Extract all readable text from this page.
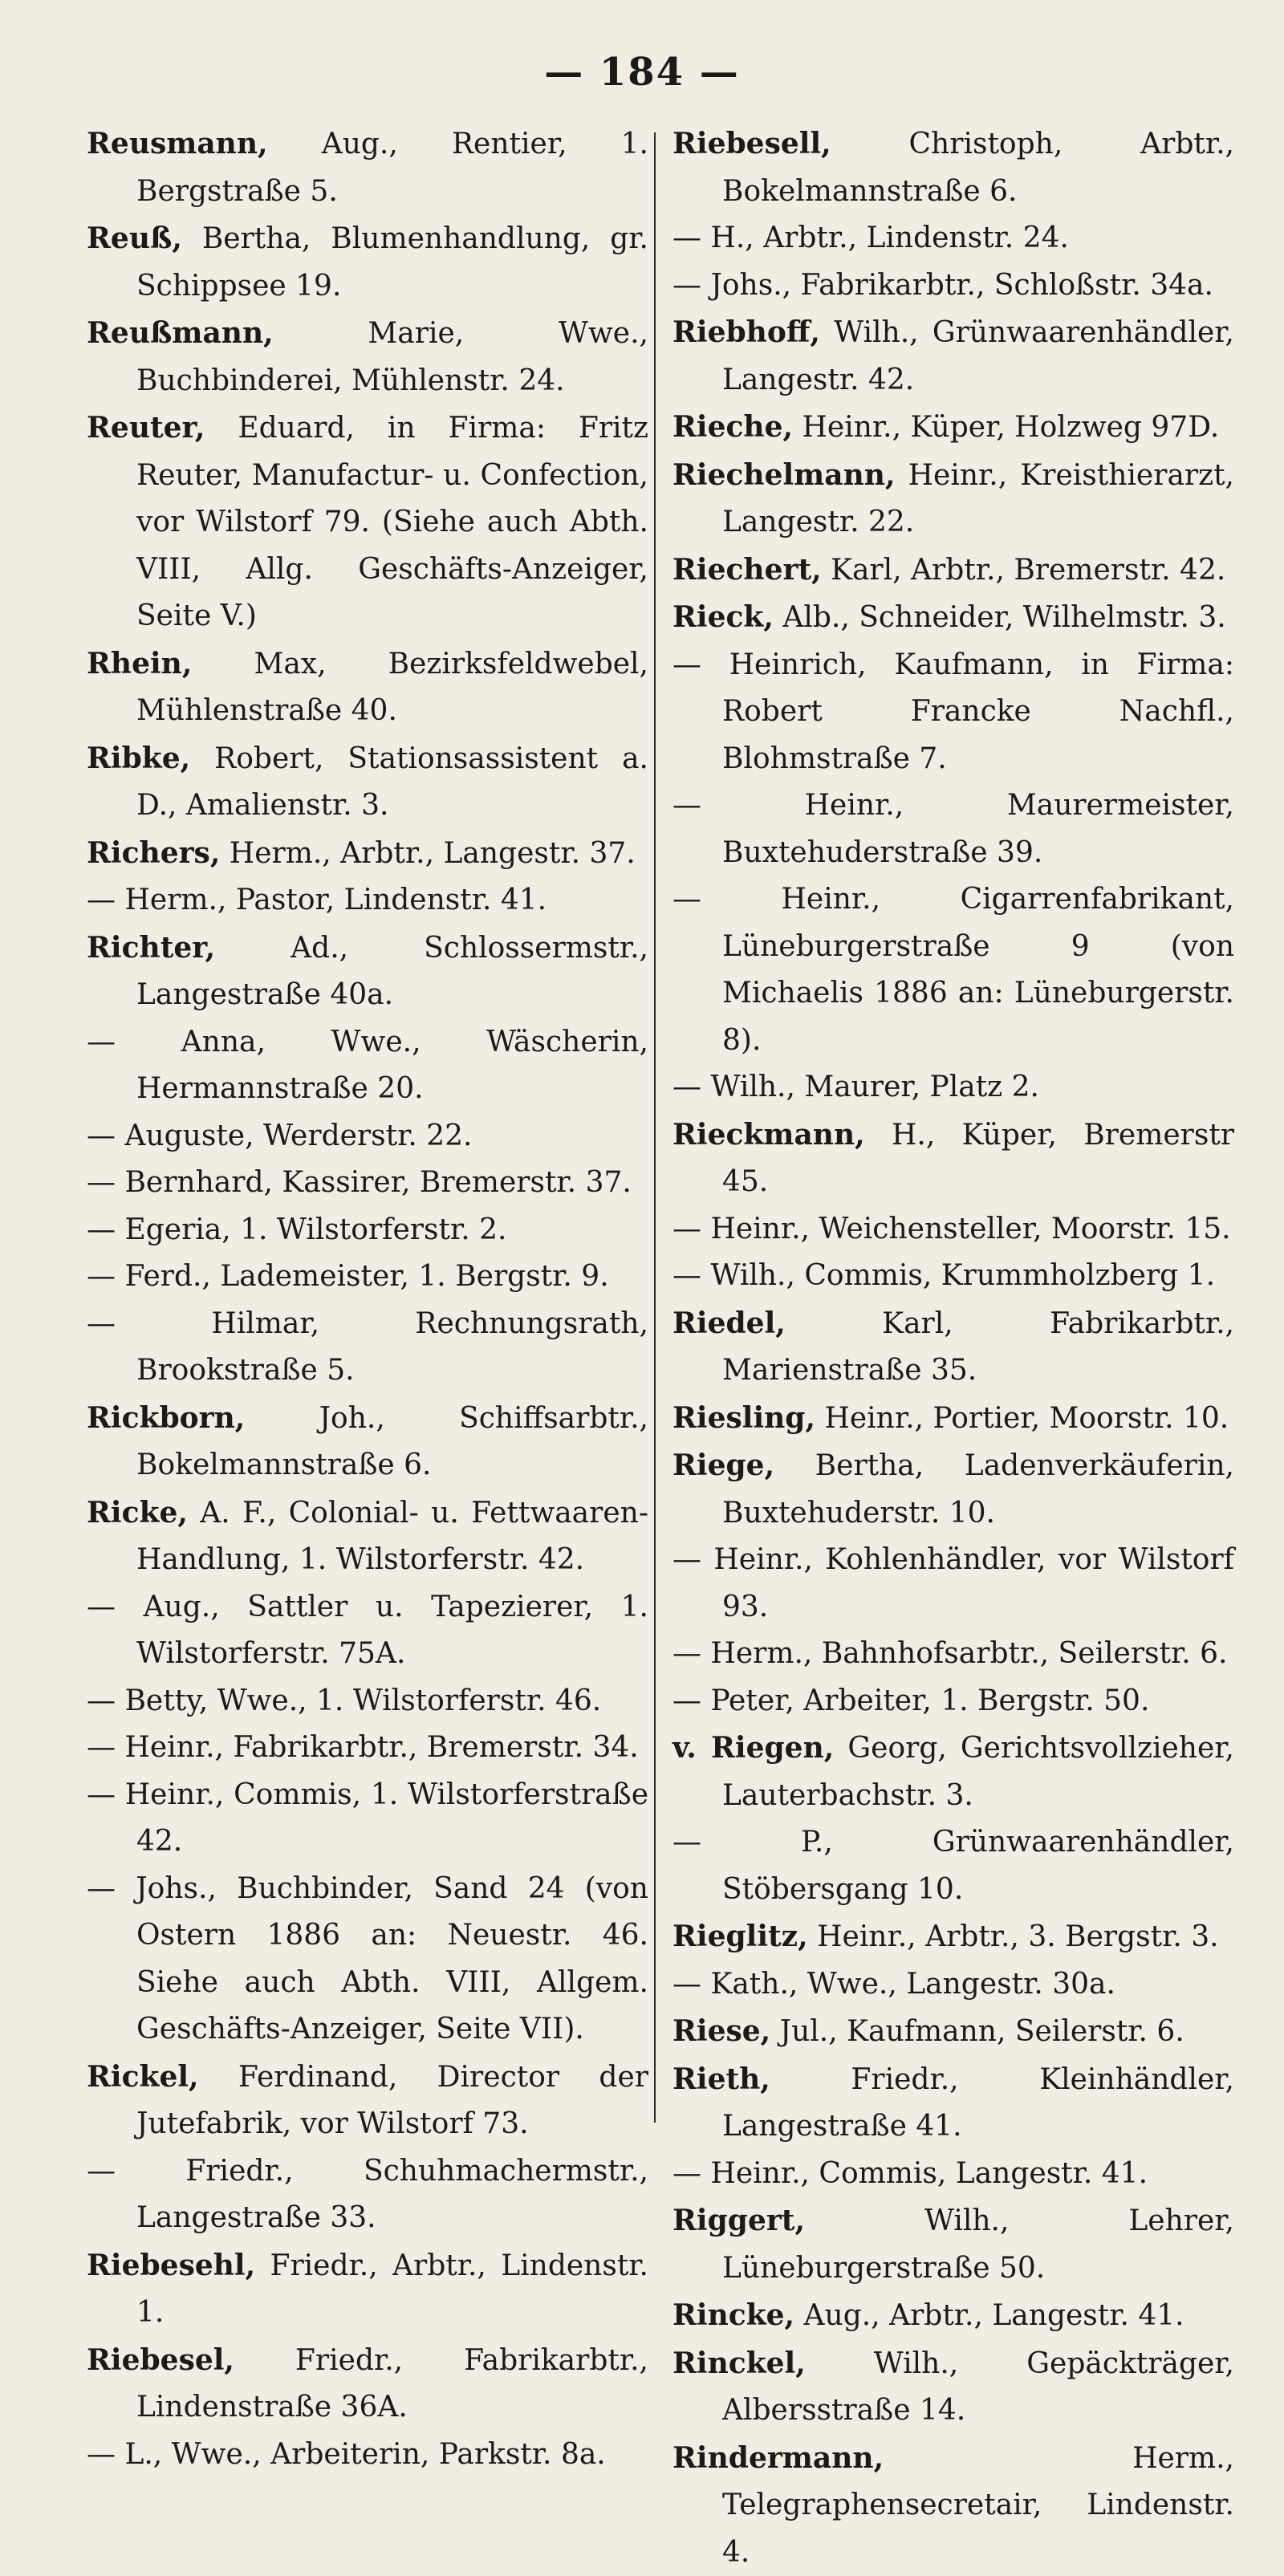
— 184 —
Reusmann, Aug., Rentier, 1. Bergstraße 5.
Reuß, Bertha, Blumenhandlung, gr. Schippsee 19.
Reußmann, Marie, Wwe., Buchbinderei, Mühlenstr. 24.
Reuter, Eduard, in Firma: Fritz Reuter, Manufactur- u. Confection, vor Wilstorf 79. (Siehe auch Abth. VIII, Allg. Geschäfts-Anzeiger, Seite V.)
Rhein, Max, Bezirksfeldwebel, Mühlenstraße 40.
Ribke, Robert, Stationsassistent a. D., Amalienstr. 3.
Richers, Herm., Arbtr., Langestr. 37.
— Herm., Pastor, Lindenstr. 41.
Richter, Ad., Schlossermstr., Langestraße 40a.
— Anna, Wwe., Wäscherin, Hermannstraße 20.
— Auguste, Werderstr. 22.
— Bernhard, Kassirer, Bremerstr. 37.
— Egeria, 1. Wilstorferstr. 2.
— Ferd., Lademeister, 1. Bergstr. 9.
— Hilmar, Rechnungsrath, Brookstraße 5.
Rickborn, Joh., Schiffsarbtr., Bokelmannstraße 6.
Ricke, A. F., Colonial- u. Fettwaaren-Handlung, 1. Wilstorferstr. 42.
— Aug., Sattler u. Tapezierer, 1. Wilstorferstr. 75A.
— Betty, Wwe., 1. Wilstorferstr. 46.
— Heinr., Fabrikarbtr., Bremerstr. 34.
— Heinr., Commis, 1. Wilstorferstraße 42.
— Johs., Buchbinder, Sand 24 (von Ostern 1886 an: Neuestr. 46. Siehe auch Abth. VIII, Allgem. Geschäfts-Anzeiger, Seite VII).
Rickel, Ferdinand, Director der Jutefabrik, vor Wilstorf 73.
— Friedr., Schuhmachermstr., Langestraße 33.
Riebesehl, Friedr., Arbtr., Lindenstr. 1.
Riebesel, Friedr., Fabrikarbtr., Lindenstraße 36A.
— L., Wwe., Arbeiterin, Parkstr. 8a.
Riebesell, Christoph, Arbtr., Bokelmannstraße 6.
— H., Arbtr., Lindenstr. 24.
— Johs., Fabrikarbtr., Schloßstr. 34a.
Riebhoff, Wilh., Grünwaarenhändler, Langestr. 42.
Rieche, Heinr., Küper, Holzweg 97D.
Riechelmann, Heinr., Kreisthierarzt, Langestr. 22.
Riechert, Karl, Arbtr., Bremerstr. 42.
Rieck, Alb., Schneider, Wilhelmstr. 3.
— Heinrich, Kaufmann, in Firma: Robert Francke Nachfl., Blohmstraße 7.
— Heinr., Maurermeister, Buxtehuderstraße 39.
— Heinr., Cigarrenfabrikant, Lüneburgerstraße 9 (von Michaelis 1886 an: Lüneburgerstr. 8).
— Wilh., Maurer, Platz 2.
Rieckmann, H., Küper, Bremerstr 45.
— Heinr., Weichensteller, Moorstr. 15.
— Wilh., Commis, Krummholzberg 1.
Riedel, Karl, Fabrikarbtr., Marienstraße 35.
Riesling, Heinr., Portier, Moorstr. 10.
Riege, Bertha, Ladenverkäuferin, Buxtehuderstr. 10.
— Heinr., Kohlenhändler, vor Wilstorf 93.
— Herm., Bahnhofsarbtr., Seilerstr. 6.
— Peter, Arbeiter, 1. Bergstr. 50.
v. Riegen, Georg, Gerichtsvollzieher, Lauterbachstr. 3.
— P., Grünwaarenhändler, Stöbersgang 10.
Rieglitz, Heinr., Arbtr., 3. Bergstr. 3.
— Kath., Wwe., Langestr. 30a.
Riese, Jul., Kaufmann, Seilerstr. 6.
Rieth, Friedr., Kleinhändler, Langestraße 41.
— Heinr., Commis, Langestr. 41.
Riggert, Wilh., Lehrer, Lüneburgerstraße 50.
Rincke, Aug., Arbtr., Langestr. 41.
Rinckel, Wilh., Gepäckträger, Albersstraße 14.
Rindermann, Herm., Telegraphensecretair, Lindenstr. 4.
